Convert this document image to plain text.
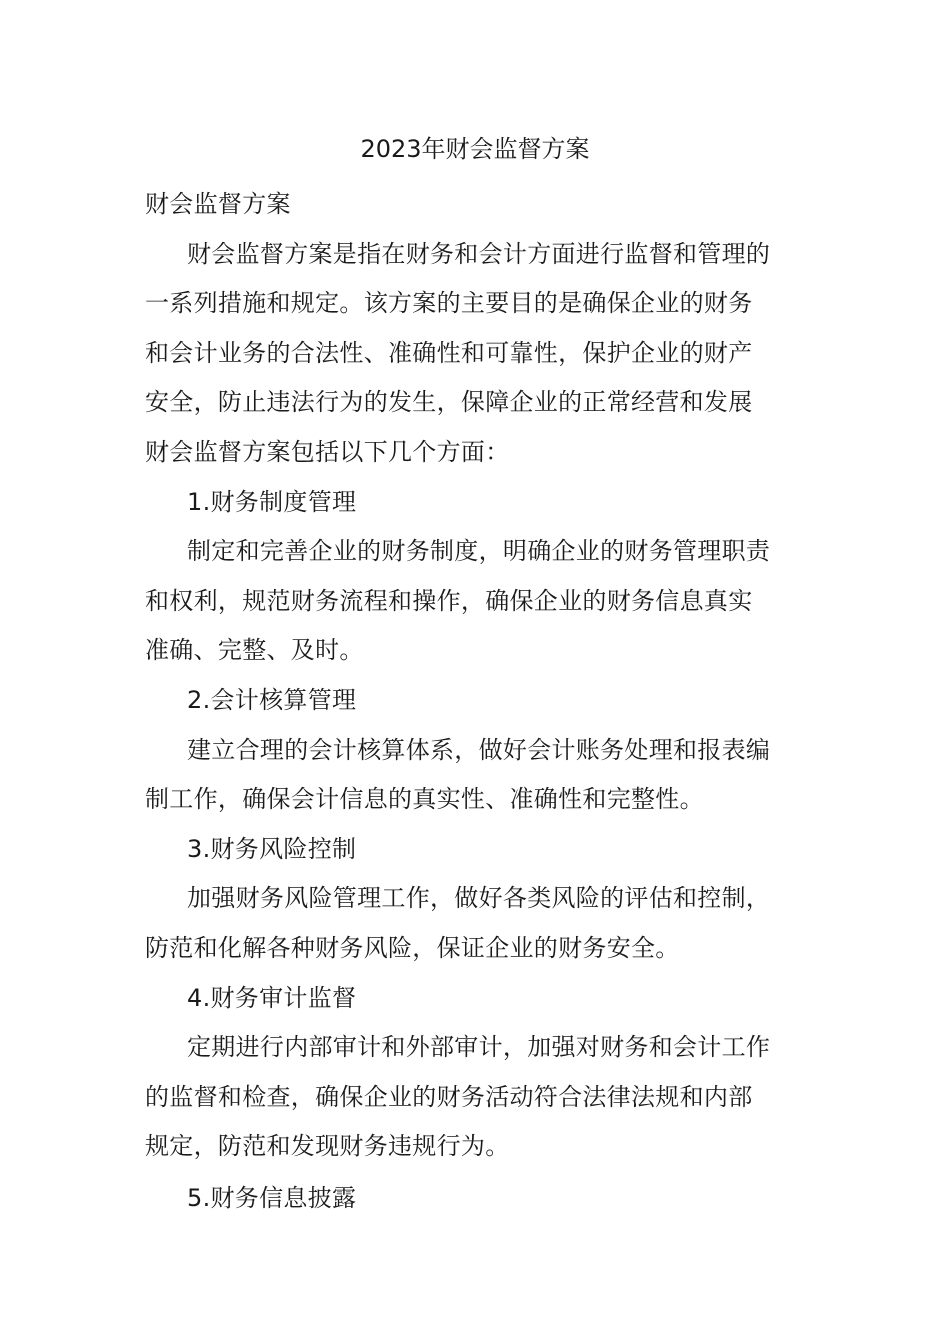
2023年财会监督方案
财会监督方案
财会监督方案是指在财务和会计方面进行监督和管理的
一系列措施和规定。该方案的主要目的是确保企业的财务
和会计业务的合法性、准确性和可靠性，保护企业的财产
安全，防止违法行为的发生，保障企业的正常经营和发展
财会监督方案包括以下几个方面：
1.财务制度管理
制定和完善企业的财务制度，明确企业的财务管理职责
和权利，规范财务流程和操作，确保企业的财务信息真实
准确、完整、及时。
2.会计核算管理
建立合理的会计核算体系，做好会计账务处理和报表编
制工作，确保会计信息的真实性、准确性和完整性。
3.财务风险控制
加强财务风险管理工作，做好各类风险的评估和控制，
防范和化解各种财务风险，保证企业的财务安全。
4.财务审计监督
定期进行内部审计和外部审计，加强对财务和会计工作
的监督和检查，确保企业的财务活动符合法律法规和内部
规定，防范和发现财务违规行为。
5.财务信息披露
